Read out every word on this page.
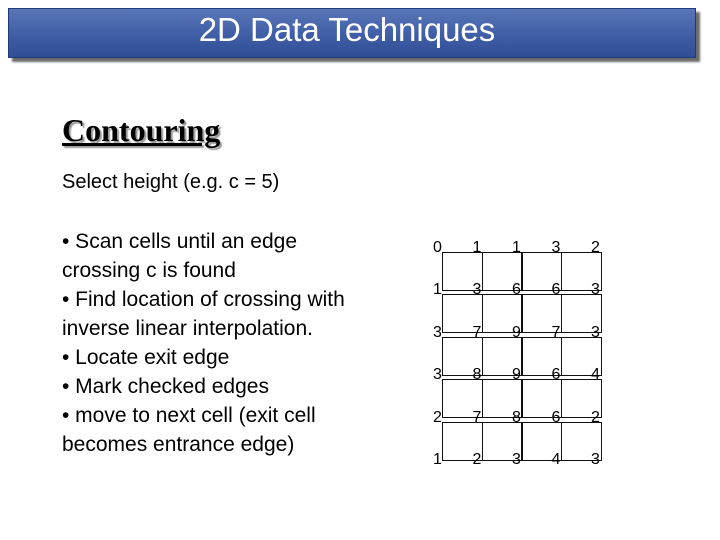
2D Data Techniques
Contouring
Select height (e.g. c = 5)
• Scan cells until an edge crossing c is found
• Find location of crossing with inverse linear interpolation.
• Locate exit edge
• Mark checked edges
• move to next cell (exit cell becomes entrance edge)
0 1 1 3 2
1 3 6 6 3
3 7 9 7 3
3 8 9 6 4
2 7 8 6 2
1 2 3 4 3
